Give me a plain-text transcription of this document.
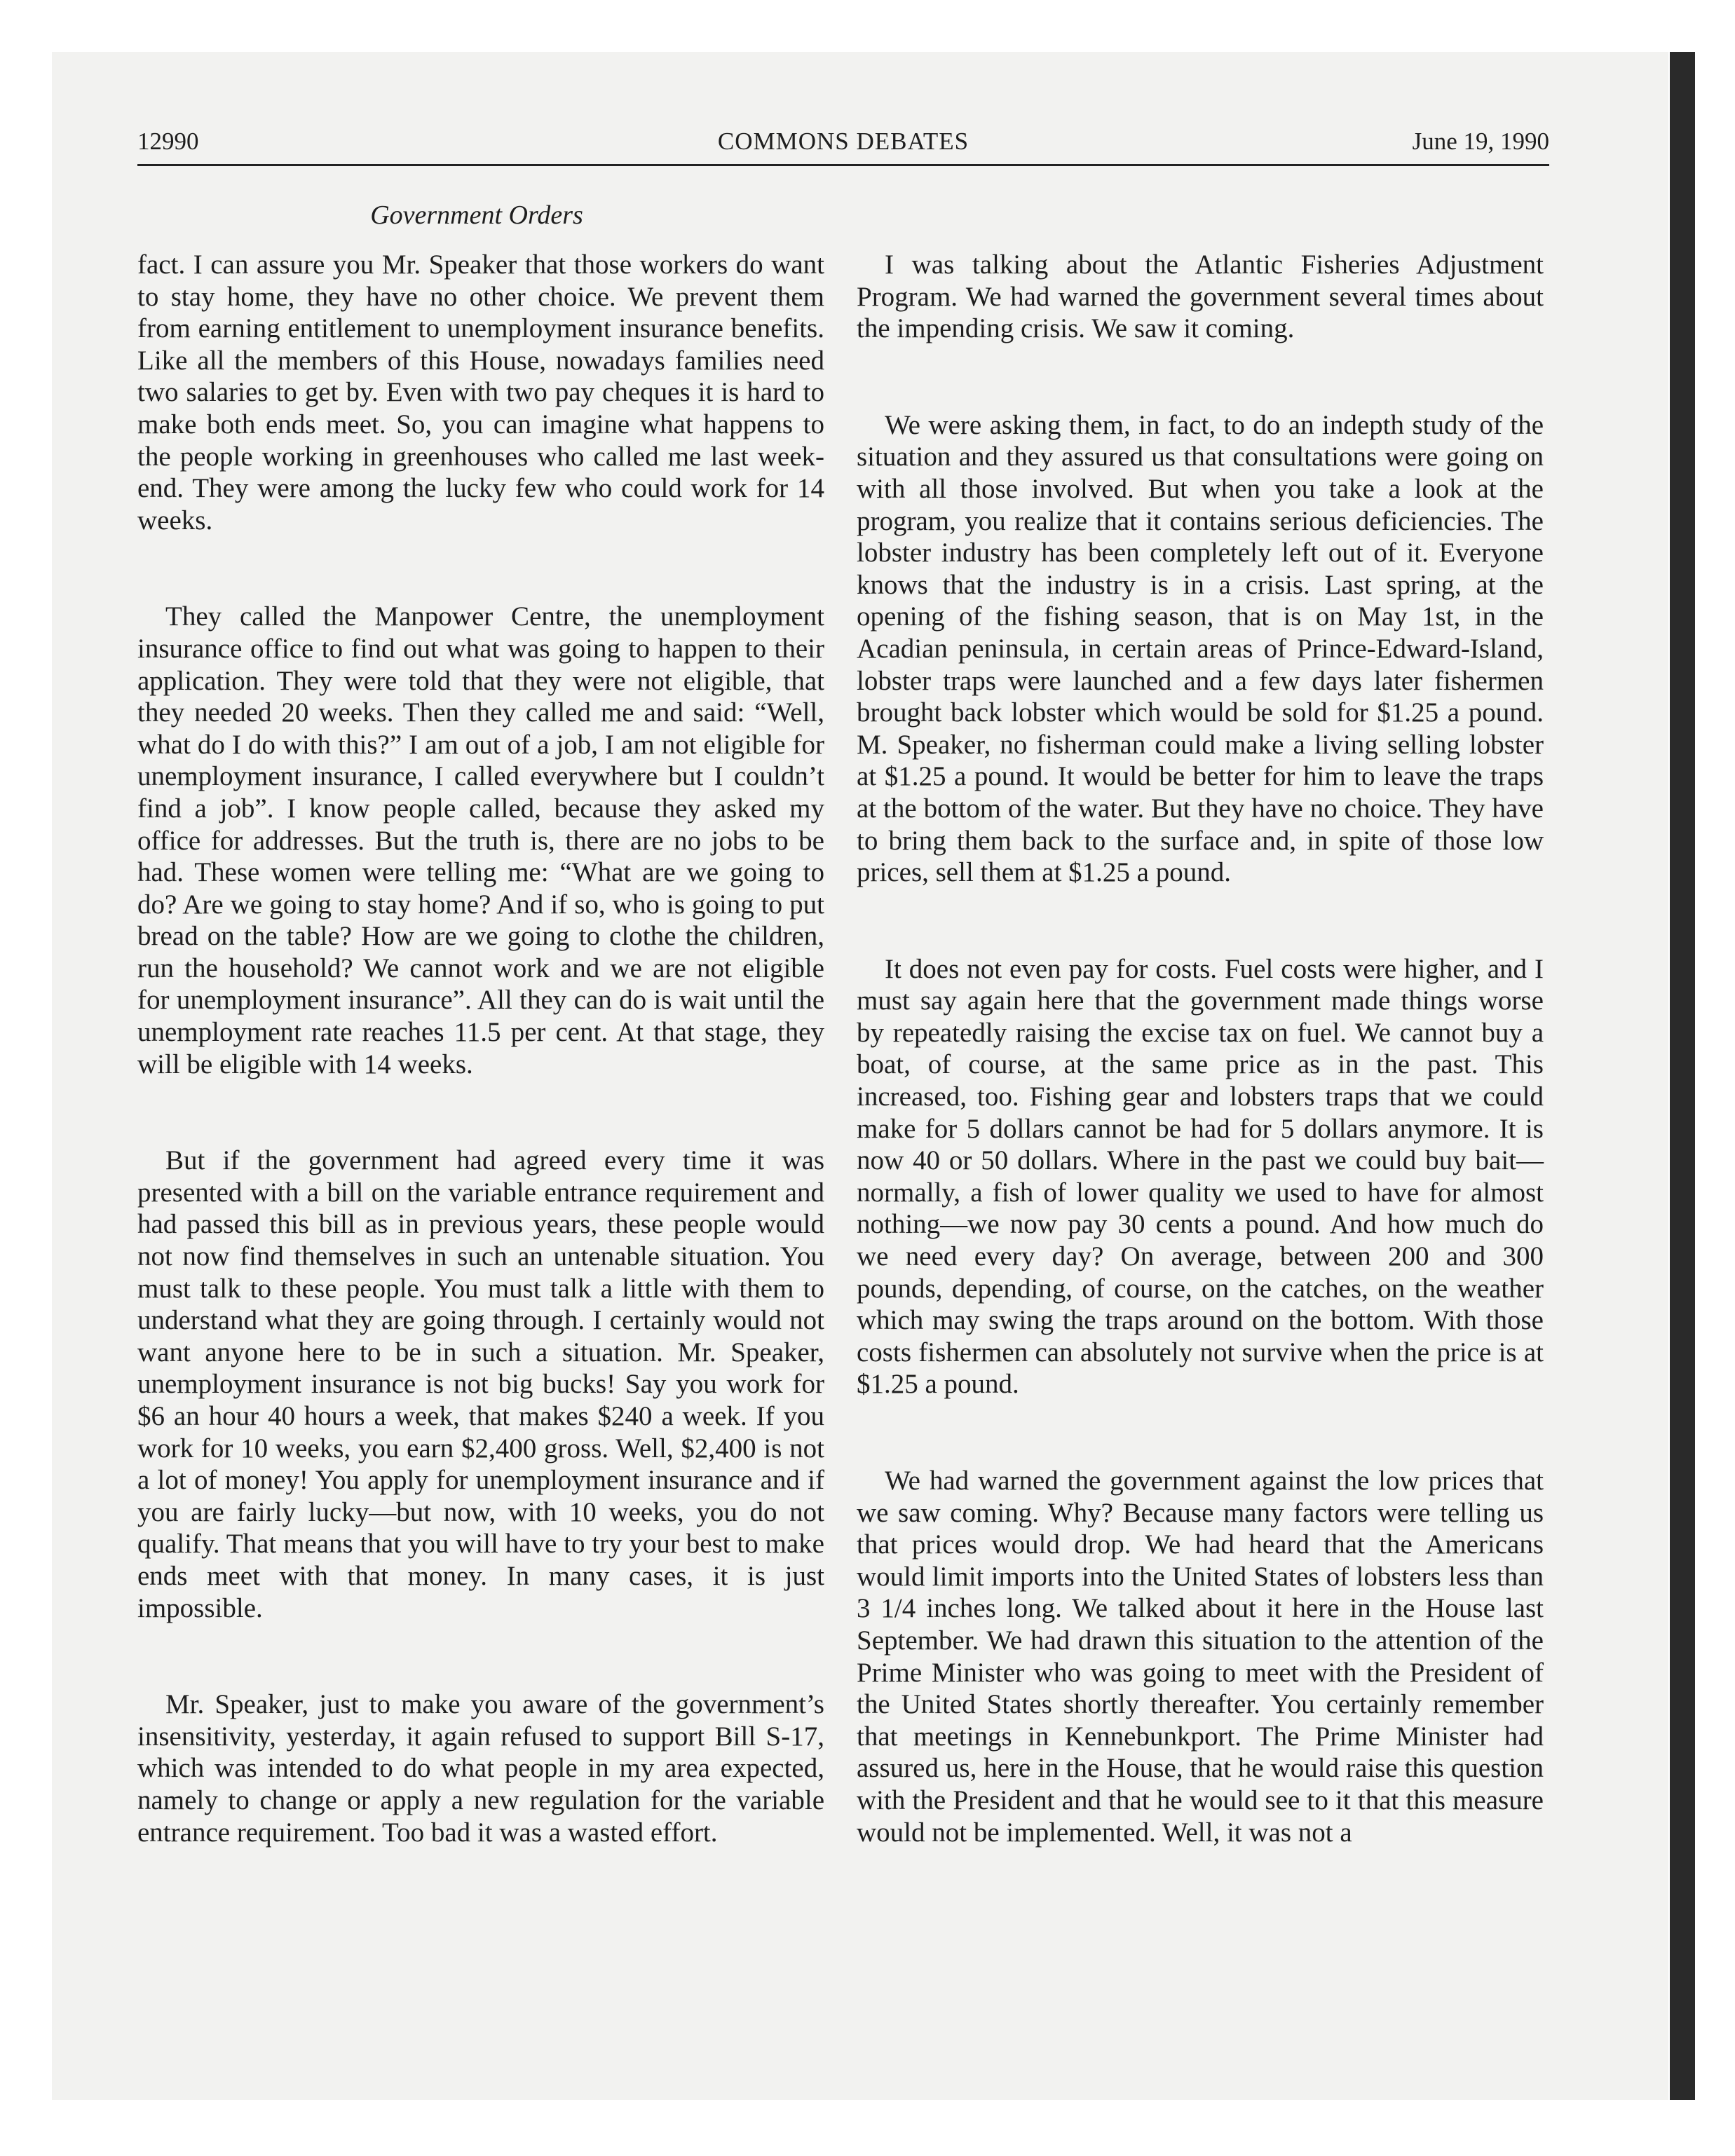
12990	COMMONS DEBATES	June 19, 1990
Government Orders

fact. I can assure you Mr. Speaker that those workers do want to stay home, they have no other choice. We prevent them from earning entitlement to unemployment insurance benefits. Like all the members of this House, nowadays families need two salaries to get by. Even with two pay cheques it is hard to make both ends meet. So, you can imagine what happens to the people working in greenhouses who called me last week-end. They were among the lucky few who could work for 14 weeks.

They called the Manpower Centre, the unemployment insurance office to find out what was going to happen to their application. They were told that they were not eligible, that they needed 20 weeks. Then they called me and said: “Well, what do I do with this?” I am out of a job, I am not eligible for unemployment insurance, I called everywhere but I couldn’t find a job”. I know people called, because they asked my office for addresses. But the truth is, there are no jobs to be had. These women were telling me: “What are we going to do? Are we going to stay home? And if so, who is going to put bread on the table? How are we going to clothe the children, run the household? We cannot work and we are not eligible for unemployment insurance”. All they can do is wait until the unemployment rate reaches 11.5 per cent. At that stage, they will be eligible with 14 weeks.

But if the government had agreed every time it was presented with a bill on the variable entrance requirement and had passed this bill as in previous years, these people would not now find themselves in such an untenable situation. You must talk to these people. You must talk a little with them to understand what they are going through. I certainly would not want anyone here to be in such a situation. Mr. Speaker, unemployment insurance is not big bucks! Say you work for $6 an hour 40 hours a week, that makes $240 a week. If you work for 10 weeks, you earn $2,400 gross. Well, $2,400 is not a lot of money! You apply for unemployment insurance and if you are fairly lucky—but now, with 10 weeks, you do not qualify. That means that you will have to try your best to make ends meet with that money. In many cases, it is just impossible.

Mr. Speaker, just to make you aware of the government’s insensitivity, yesterday, it again refused to support Bill S-17, which was intended to do what people in my area expected, namely to change or apply a new regulation for the variable entrance requirement. Too bad it was a wasted effort.

I was talking about the Atlantic Fisheries Adjustment Program. We had warned the government several times about the impending crisis. We saw it coming.

We were asking them, in fact, to do an indepth study of the situation and they assured us that consultations were going on with all those involved. But when you take a look at the program, you realize that it contains serious deficiencies. The lobster industry has been completely left out of it. Everyone knows that the industry is in a crisis. Last spring, at the opening of the fishing season, that is on May 1st, in the Acadian peninsula, in certain areas of Prince-Edward-Island, lobster traps were launched and a few days later fishermen brought back lobster which would be sold for $1.25 a pound. M. Speaker, no fisherman could make a living selling lobster at $1.25 a pound. It would be better for him to leave the traps at the bottom of the water. But they have no choice. They have to bring them back to the surface and, in spite of those low prices, sell them at $1.25 a pound.

It does not even pay for costs. Fuel costs were higher, and I must say again here that the government made things worse by repeatedly raising the excise tax on fuel. We cannot buy a boat, of course, at the same price as in the past. This increased, too. Fishing gear and lobsters traps that we could make for 5 dollars cannot be had for 5 dollars anymore. It is now 40 or 50 dollars. Where in the past we could buy bait—normally, a fish of lower quality we used to have for almost nothing—we now pay 30 cents a pound. And how much do we need every day? On average, between 200 and 300 pounds, depending, of course, on the catches, on the weather which may swing the traps around on the bottom. With those costs fishermen can absolutely not survive when the price is at $1.25 a pound.

We had warned the government against the low prices that we saw coming. Why? Because many factors were telling us that prices would drop. We had heard that the Americans would limit imports into the United States of lobsters less than 3 1/4 inches long. We talked about it here in the House last September. We had drawn this situation to the attention of the Prime Minister who was going to meet with the President of the United States shortly thereafter. You certainly remember that meetings in Kennebunkport. The Prime Minister had assured us, here in the House, that he would raise this question with the President and that he would see to it that this measure would not be implemented. Well, it was not a
